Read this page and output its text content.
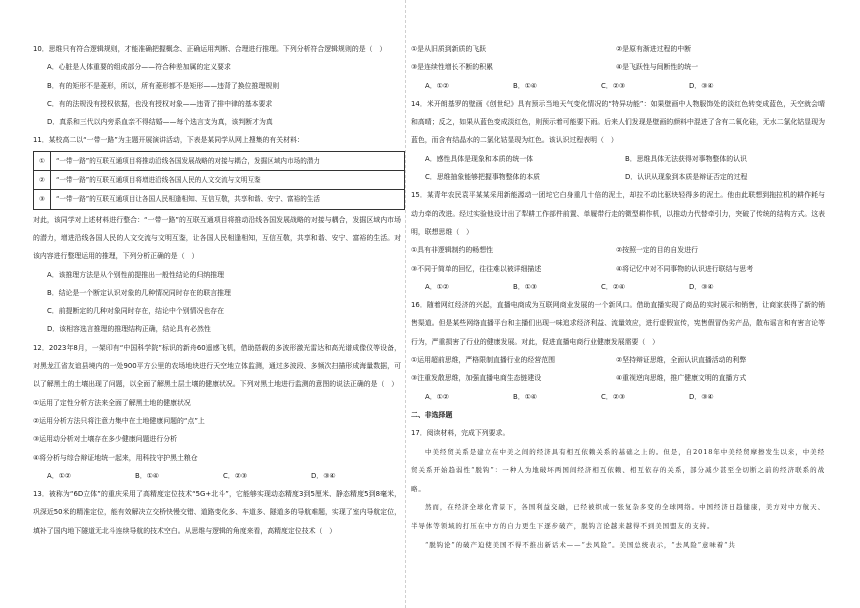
10．思维只有符合逻辑规则，才能准确把握概念、正确运用判断、合理进行推理。下列分析符合逻辑规则的是（　）

A．心脏是人体重要的组成部分——符合种差加属的定义要求

B．有的矩形不是菱形，所以，所有菱形都不是矩形——违背了换位推理规则

C．有的法规没有授权依据，也没有授权对象——违背了排中律的基本要求

D．真系和三代以内旁系血亲不得结婚——每个选言支为真，该判断才为真

11．某校高二以“一带一路”为主题开展演讲活动，下表是某同学从网上搜集的有关材料：

①	“一带一路”的互联互通项目将推动沿线各国发展战略的对接与耦合，发掘区域内市场的潜力
②	“一带一路”的互联互通项目将增进沿线各国人民的人文交流与文明互鉴
③	“一带一路”的互联互通项目让各国人民相逢相知、互信互敬，共享和谐、安宁、富裕的生活

对此，该同学对上述材料进行整合：“一带一路”的互联互通项目将推动沿线各国发展战略的对接与耦合，发掘区域内市场的潜力，增进沿线各国人民的人文交流与文明互鉴，让各国人民相逢相知，互信互敬，共享和谐、安宁、富裕的生活。对该内容进行整理运用的推理，下列分析正确的是（　）

A．该推理方法是从个别性前提推出一般性结论的归纳推理

B．结论是一个断定认识对象的几种情况同时存在的联言推理

C．前提断定的几种对象同时存在，结论中个别情况也存在

D．该相容选言推理的推理结构正确，结论具有必然性

12．2023年8月，一架印有“中国科学院”标识的新舟60遥感飞机，借助搭载的多波形激光雷达和高光谱成像仪等设备，对黑龙江省友谊县境内的一处900平方公里的农场地块进行天空地立体监测，通过多波段、多频次扫描形成海量数据，可以了解黑土的土壤出现了问题，以全面了解黑土层土壤的健康状况。下列对黑土地进行监测的意图的说法正确的是（　）

①运用了定性分析方法来全面了解黑土地的健康状况

②运用分析方法只将注意力集中在土地健康问题的“点”上

③运用动分析对土壤存在多少健康问题进行分析

④将分析与综合辩证地统一起来，用科技守护黑土粮仓

A．①②	B．①④	C．②③	D．③④

13．被称为“6D立体”的重庆采用了高精度定位技术“5G+北斗”，它能够实现动态精度3到5厘米、静态精度5到8毫米，巩深近50米的精准定位，能有效解决立交桥快慢交错、道路变化多、车道多、隧道多的导航难题，实现了室内导航定位，填补了国内地下隧道无北斗连续导航的技术空白。从思维与逻辑的角度来看，高精度定位技术（　）

①是从旧质到新质的飞跃	②是原有渐进过程的中断
③是连续性增长不断的积累	④是飞跃性与间断性的统一
A．①②	B．①④	C．②③	D．③④

14．米开朗基罗的壁画《创世纪》具有预示当地天气变化情况的“特异功能”：如果壁画中人物服饰处的淡红色转变成蓝色，天空就会晴和高晴；反之，如果从蓝色变成淡红色，则预示着可能要下雨。后来人们发现是壁画的颜料中混进了含有二氧化硅，无水二氯化钴显现为蓝色，而含有结晶水的二氯化钴显现为红色。该认识过程表明（　）

A．感性具体是现象和本质的统一体	B．思维具体无法获得对事物整体的认识
C．思维抽象能够把握事物整体的本质	D．认识从现象到本质是辩证否定的过程

15．某青年农民袁平某某采用新能源动一团坨它白身重几十倍的泥土，却拉不动比驱块轻得多的泥土。他由此联想到拖拉机的耕作耗与动力牵的改进。经过实验他设计出了犁耕工作部件前置、单履带行走的微型耕作机，以推动力代替牵引力，突破了传统的结构方式。这表明，联想思维（　）

①具有非逻辑制约的畅想性	②按照一定的目的自发进行
③不同于简单的回忆，往往难以被详细描述	④将记忆中对不同事物的认识进行联结与思考
A．①②	B．①③	C．②④	D．③④

16．随着网红经济的兴起，直播电商成为互联网商业发展的一个新风口。借助直播实现了商品的实时展示和销售，让商家获得了新的销售渠道。但是某些网络直播平台和主播们出现一味追求经济利益、流量效应，进行虚假宣传，宪售假冒伪劣产品，散布谣言和有害言论等行为，严重损害了行业的健康发展。对此，促进直播电商行业健康发展需要（　）

①运用超前思维，严格限制直播行业的经营范围	②坚持辩证思维，全面认识直播活动的利弊
③注重发散思维，加强直播电商生态链建设	④重视逆向思维，推广健康文明的直播方式
A．①②	B．①④	C．②③	D．③④

二、非选择题

17．阅读材料，完成下列要求。

中美经贸关系是建立在中美之间的经济具有相互依赖关系的基础之上的。但是，自2018年中美经贸摩擦发生以来，中美经贸关系开始趋弱性“脱钩”：一种人为地破坏两国间经济相互依赖、相互依存的关系，部分减少甚至全切断之前的经济联系的战略。

然而，在经济全球化背景下，各国利益交融，已经被织成一张复杂多变的全球网络。中国经济日趋健康，美方对中方航天、半导体等领域的打压在中方的自力更生下逐步破产，脱钩言论越来越得不到美国盟友的支持。

“脱钩论”的破产迫使美国不得不推出新话术——“去风险”。美国总统表示，“去风险”意味着“共
